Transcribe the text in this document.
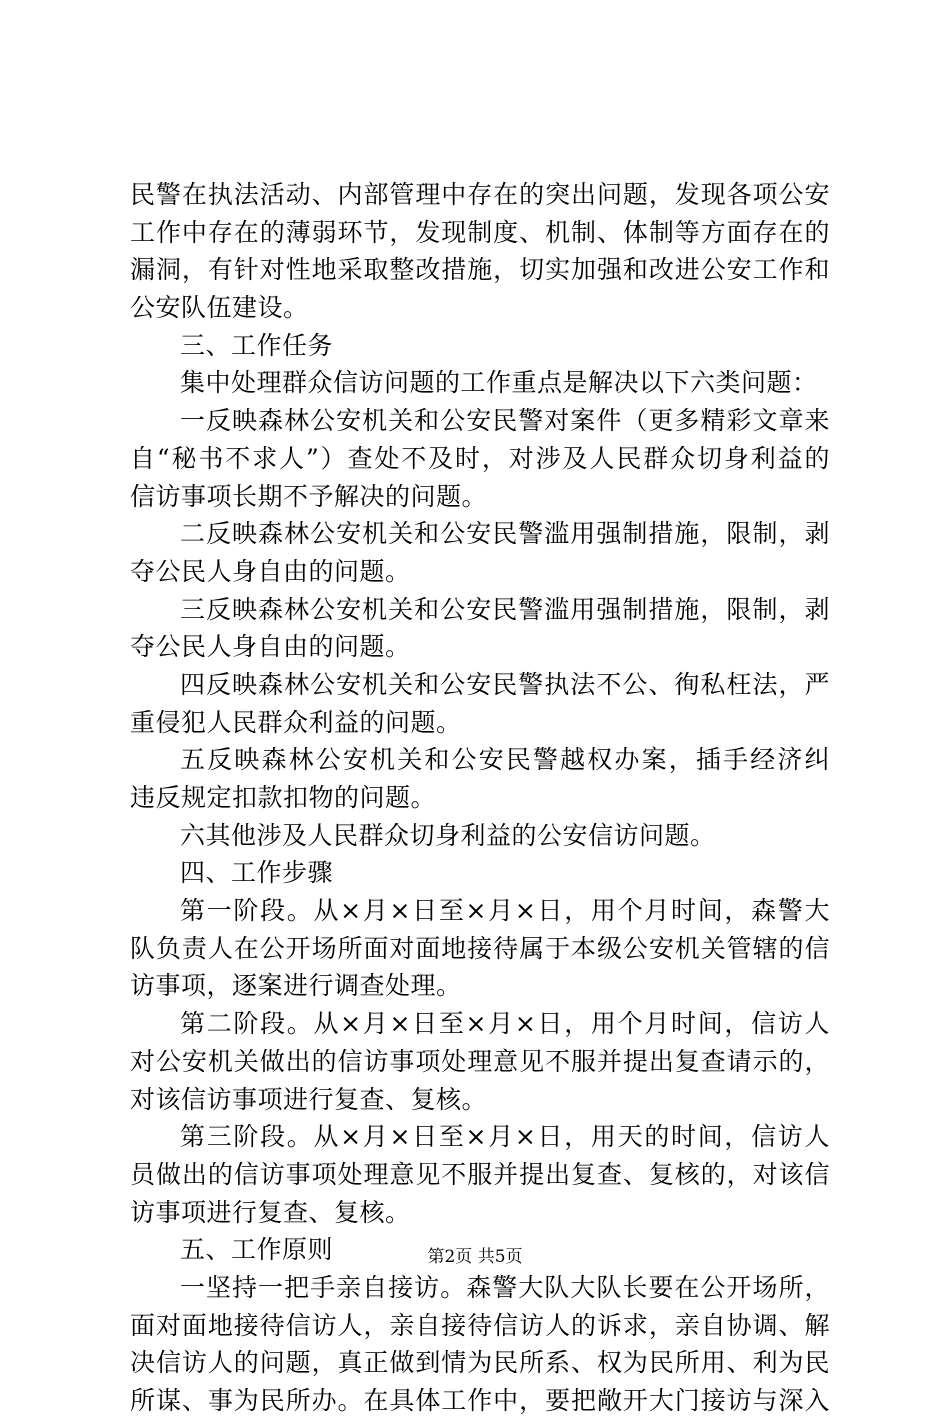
民警在执法活动、内部管理中存在的突出问题，发现各项公安
工作中存在的薄弱环节，发现制度、机制、体制等方面存在的
漏洞，有针对性地采取整改措施，切实加强和改进公安工作和
公安队伍建设。
三、工作任务
集中处理群众信访问题的工作重点是解决以下六类问题：
一反映森林公安机关和公安民警对案件（更多精彩文章来
自“秘书不求人”）查处不及时，对涉及人民群众切身利益的
信访事项长期不予解决的问题。
二反映森林公安机关和公安民警滥用强制措施，限制，剥
夺公民人身自由的问题。
三反映森林公安机关和公安民警滥用强制措施，限制，剥
夺公民人身自由的问题。
四反映森林公安机关和公安民警执法不公、徇私枉法，严
重侵犯人民群众利益的问题。
五反映森林公安机关和公安民警越权办案，插手经济纠
违反规定扣款扣物的问题。
六其他涉及人民群众切身利益的公安信访问题。
四、工作步骤
第一阶段。从×月×日至×月×日，用个月时间，森警大
队负责人在公开场所面对面地接待属于本级公安机关管辖的信
访事项，逐案进行调查处理。
第二阶段。从×月×日至×月×日，用个月时间，信访人
对公安机关做出的信访事项处理意见不服并提出复查请示的，
对该信访事项进行复查、复核。
第三阶段。从×月×日至×月×日，用天的时间，信访人
员做出的信访事项处理意见不服并提出复查、复核的，对该信
访事项进行复查、复核。
五、工作原则
一坚持一把手亲自接访。森警大队大队长要在公开场所，
面对面地接待信访人，亲自接待信访人的诉求，亲自协调、解
决信访人的问题，真正做到情为民所系、权为民所用、利为民
所谋、事为民所办。在具体工作中，要把敞开大门接访与深入
第2页 共5页
